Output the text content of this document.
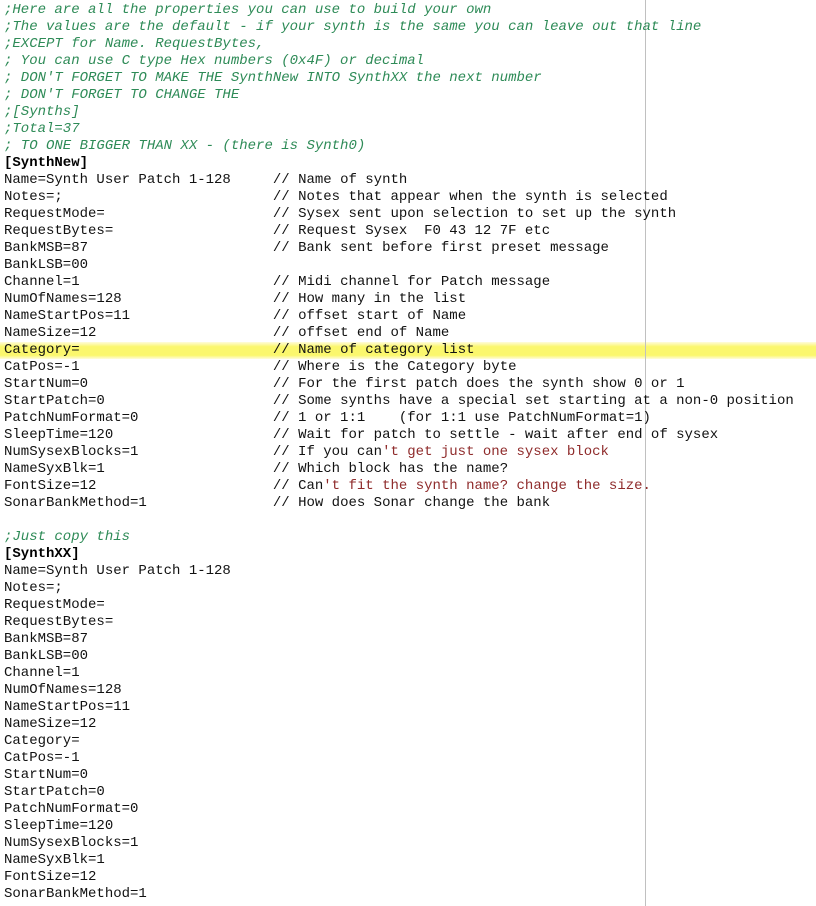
;Here are all the properties you can use to build your own
;The values are the default - if your synth is the same you can leave out that line
;EXCEPT for Name. RequestBytes,
; You can use C type Hex numbers (0x4F) or decimal
; DON'T FORGET TO MAKE THE SynthNew INTO SynthXX the next number
; DON'T FORGET TO CHANGE THE
;[Synths]
;Total=37
; TO ONE BIGGER THAN XX - (there is Synth0)
[SynthNew]
Name=Synth User Patch 1-128	// Name of synth
Notes=;	// Notes that appear when the synth is selected
RequestMode=	// Sysex sent upon selection to set up the synth
RequestBytes=	// Request Sysex  F0 43 12 7F etc
BankMSB=87	// Bank sent before first preset message
BankLSB=00
Channel=1	// Midi channel for Patch message
NumOfNames=128	// How many in the list
NameStartPos=11	// offset start of Name
NameSize=12	// offset end of Name
Category=	// Name of category list
CatPos=-1	// Where is the Category byte
StartNum=0	// For the first patch does the synth show 0 or 1
StartPatch=0	// Some synths have a special set starting at a non-0 position
PatchNumFormat=0	// 1 or 1:1    (for 1:1 use PatchNumFormat=1)
SleepTime=120	// Wait for patch to settle - wait after end of sysex
NumSysexBlocks=1	// If you can't get just one sysex block
NameSyxBlk=1	// Which block has the name?
FontSize=12	// Can't fit the synth name? change the size.
SonarBankMethod=1	// How does Sonar change the bank

;Just copy this
[SynthXX]
Name=Synth User Patch 1-128
Notes=;
RequestMode=
RequestBytes=
BankMSB=87
BankLSB=00
Channel=1
NumOfNames=128
NameStartPos=11
NameSize=12
Category=
CatPos=-1
StartNum=0
StartPatch=0
PatchNumFormat=0
SleepTime=120
NumSysexBlocks=1
NameSyxBlk=1
FontSize=12
SonarBankMethod=1
